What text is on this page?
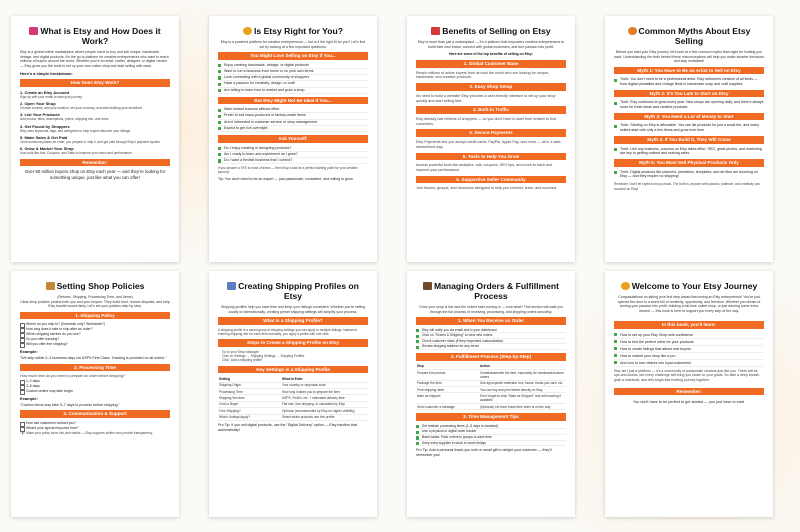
What is Etsy and How Does it Work?
Etsy is a global online marketplace where people come to buy and sell unique, handmade, vintage, and digital products. It's the go-to platform for creative entrepreneurs who want to reach millions of buyers around the world. Whether you're an artist, crafter, designer, or digital creator — Etsy gives you the tools to set up your own online shop and start selling with ease.
Here's a simple breakdown:
How Does Etsy Work?
1. Create an Etsy Account
Sign up with your email to start your journey.
2. Open Your Shop
Choose a name, add your location, set your currency, and start building your storefront.
3. List Your Products
Add photos, titles, descriptions, prices, shipping info, and more.
4. Get Found by Shoppers
Etsy uses keywords, tags, and categories to help buyers discover your listings.
5. Make Sales & Get Paid
Once someone places an order, you prepare it, ship it, and get paid through Etsy's payment system.
6. Grow & Market Your Shop
Use tools like Ads, Coupons, and Stats to improve your reach and performance.
Remember:
Over 90 million buyers shop on Etsy each year — and they're looking for something unique, just like what you can offer!
Is Etsy Right for You?
Etsy is a powerful platform for creative entrepreneurs — but is it the right fit for you? Let's find out by looking at a few important questions.
You Might Love Selling on Etsy if You...
Enjoy creating handmade, vintage, or digital products
Want to run a business from home or on your own terms
Love connecting with a global community of shoppers
Have a passion for creativity, design, or craft
Are willing to learn how to market and grow a shop
But Etsy Might Not Be Ideal If You...
Want instant success without effort
Prefer to sell mass-produced or factory-made items
Aren't interested in customer service or shop management
Expect to get rich overnight
Ask Yourself:
Do I enjoy creating or designing products?
Am I ready to learn and experiment as I grow?
Do I want a flexible business that I control?
If you answer a YES to most of these — then Etsy could be a perfect starting point for your creative journey!
Tip: You don't need to be an expert — just passionate, consistent, and willing to grow.
Benefits of Selling on Etsy
Etsy is more than just a marketplace — it's a platform that empowers creative entrepreneurs to build their own brand, connect with global customers, and turn passion into profit.
Here are some of the top benefits of selling on Etsy:
1. Global Customer Base
Reach millions of active buyers from around the world who are looking for unique, handmade, and creative products.
2. Easy Shop Setup
No need to build a website! Etsy provides a user-friendly interface to set up your shop quickly and start selling fast.
3. Built-in Traffic
Etsy already has millions of shoppers — so you don't have to start from scratch to find customers.
4. Secure Payments
Etsy Payments lets you accept credit cards, PayPal, Apple Pay, and more — all in a safe, streamlined way.
5. Tools to Help You Grow
Access powerful tools like analytics, ads, coupons, SEO tips, and more to track and improve your performance.
6. Supportive Seller Community
Join forums, groups, and resources designed to help you connect, learn, and succeed.
Common Myths About Etsy Selling
Before you start your Etsy journey, let's look at a few common myths that might be holding you back. Understanding the truth behind these misconceptions will help you make smarter decisions and stay motivated!
Myth 1: You Have to Be an Artist to Sell on Etsy
Truth: You don't need to be a professional artist. Etsy welcomes creators of all kinds — from digital printables and vintage finds to handmade soap and craft supplies.
Myth 2: It's Too Late to Start on Etsy
Truth: Etsy continues to grow every year. New shops are opening daily, and there's always room for fresh ideas and creative products.
Myth 3: You Need a Lot of Money to Start
Truth: Starting on Etsy is affordable. You can list products for just a small fee, and many sellers start with only a few items and grow over time.
Myth 4: If You Build It, They Will Come
Truth: Like any business, success on Etsy takes effort, SEO, great photos, and marketing are key to getting noticed and making sales.
Myth 5: You Must Sell Physical Products Only
Truth: Digital products like planners, printables, templates, and art files are booming on Etsy — and they require no shipping!
Reminder: Don't let myths hold you back. The truth is, anyone with passion, patience, and creativity can succeed on Etsy!
Setting Shop Policies
(Returns, Shipping, Processing Time, and Items)
Clear shop policies protect both you and your buyers. They build trust, reduce disputes, and help Etsy handle issues fairly. Let's set your policies step by step.
1. Shipping Policy
Where do you ship to? (Domestic only? Worldwide?)
How long does it take to ship after an order?
Which shipping carriers do you use?
Do you offer tracking?
Will you offer free shipping?
Example:
"We ship within 2–3 business days via USPS First Class. Tracking is provided on all orders."
2. Processing Time
How much time do you need to prepare an order before shipping?
1–2 days
3–5 days
Custom orders may take longer
Example:
"Custom items may take 5–7 days to process before shipping."
3. Communication & Support
How can customers contact you?
What's your typical response time?
Tip: Make your policy clear, fair, and visible — Etsy supports sellers who provide transparency.
Creating Shipping Profiles on Etsy
Shipping profiles help you save time and keep your listings consistent. Whether you're selling locally or internationally, creating preset shipping settings will simplify your process.
What is a Shipping Profile?
A shipping profile is a saved group of shipping settings you can apply to multiple listings. Instead of entering shipping info for each item manually, you apply a profile with one click.
Steps to Create a Shipping Profile on Etsy
Go to your Shop Manager
Click on Settings → Shipping Settings → Shipping Profiles
Click "Add a shipping profile"
Key Settings in a Shipping Profile
Setting	What to Enter
Shipping Origin	Your country or zip/postal code
Processing Time	How long it takes you to prepare the item
Shipping Services	USPS, FedEx, etc. + estimated delivery time
Cost to Buyer	Flat rate, free shipping, or calculated by Etsy
Free Shipping?	Optional (recommended by Etsy for higher visibility)
Which Listings Apply?	Select which products use this profile
Pro Tip: If you sell digital products, use the "Digital Delivery" option — Etsy handles that automatically!
Managing Orders & Fulfillment Process
Once your shop is live and the orders start coming in — now what? This section will walk you through the full process of receiving, processing, and shipping orders smoothly.
1. When You Receive an Order
Etsy will notify you via email and in your dashboard
Click on "Orders & Shipping" to view new orders
Check customer notes (if they requested customization)
Review shipping address for any errors
2. Fulfillment Process (Step-by-Step)
Step	Action
Prepare the product	Create/assemble the item, especially for handmade/custom orders
Package the item	Use appropriate materials: box, tissue, thank-you card, etc.
Print shipping label	You can buy and print labels directly on Etsy
Mark as shipped	Don't forget to click "Mark as Shipped" and add tracking if available
Send customer a message	(Optional) Let them know their order is on the way
3. Time Management Tips
Set realistic processing times (1–5 days is standard)
Use a physical or digital order tracker
Batch tasks: Pack orders in groups to save time
Keep extra supplies in stock to avoid delays
Pro Tip: Add a personal thank-you note or small gift to delight your customer — they'll remember you!
Welcome to Your Etsy Journey
Congratulations on taking your first step toward becoming an Etsy entrepreneur! You've just opened the door to a world full of creativity, opportunity, and freedom. Whether you dream of turning your passion into profit, building a full-time online shop, or just earning some extra income — this book is here to support you every step of the way.
In this book, you'll learn:
How to set up your Etsy Shop with confidence
How to find the perfect niche for your products
How to create listings that attract real buyers
How to market your shop like a pro
And how to turn visitors into loyal customers!
Etsy isn't just a platform — it's a community of passionate creators just like you. There will be ups and downs, but every challenge will bring you closer to your goals. So take a deep breath, grab a notebook, and let's begin this exciting journey together.
Remember:
You don't have to be perfect to get started — you just have to start.
